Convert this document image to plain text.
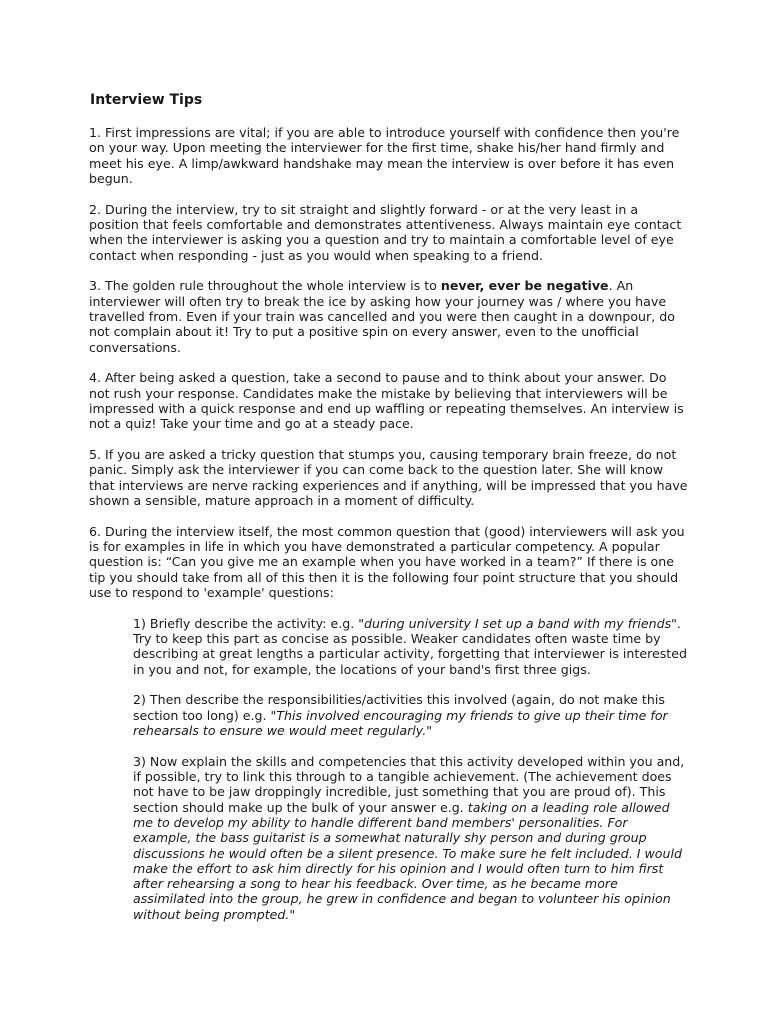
Interview Tips

1. First impressions are vital; if you are able to introduce yourself with confidence then you're on your way. Upon meeting the interviewer for the first time, shake his/her hand firmly and meet his eye. A limp/awkward handshake may mean the interview is over before it has even begun.

2. During the interview, try to sit straight and slightly forward - or at the very least in a position that feels comfortable and demonstrates attentiveness. Always maintain eye contact when the interviewer is asking you a question and try to maintain a comfortable level of eye contact when responding - just as you would when speaking to a friend.

3. The golden rule throughout the whole interview is to never, ever be negative. An interviewer will often try to break the ice by asking how your journey was / where you have travelled from. Even if your train was cancelled and you were then caught in a downpour, do not complain about it! Try to put a positive spin on every answer, even to the unofficial conversations.

4. After being asked a question, take a second to pause and to think about your answer. Do not rush your response. Candidates make the mistake by believing that interviewers will be impressed with a quick response and end up waffling or repeating themselves. An interview is not a quiz! Take your time and go at a steady pace.

5. If you are asked a tricky question that stumps you, causing temporary brain freeze, do not panic. Simply ask the interviewer if you can come back to the question later. She will know that interviews are nerve racking experiences and if anything, will be impressed that you have shown a sensible, mature approach in a moment of difficulty.

6. During the interview itself, the most common question that (good) interviewers will ask you is for examples in life in which you have demonstrated a particular competency. A popular question is: “Can you give me an example when you have worked in a team?” If there is one tip you should take from all of this then it is the following four point structure that you should use to respond to 'example' questions:

1) Briefly describe the activity: e.g. "during university I set up a band with my friends". Try to keep this part as concise as possible. Weaker candidates often waste time by describing at great lengths a particular activity, forgetting that interviewer is interested in you and not, for example, the locations of your band's first three gigs.

2) Then describe the responsibilities/activities this involved (again, do not make this section too long) e.g. "This involved encouraging my friends to give up their time for rehearsals to ensure we would meet regularly."

3) Now explain the skills and competencies that this activity developed within you and, if possible, try to link this through to a tangible achievement. (The achievement does not have to be jaw droppingly incredible, just something that you are proud of). This section should make up the bulk of your answer e.g. taking on a leading role allowed me to develop my ability to handle different band members' personalities. For example, the bass guitarist is a somewhat naturally shy person and during group discussions he would often be a silent presence. To make sure he felt included. I would make the effort to ask him directly for his opinion and I would often turn to him first after rehearsing a song to hear his feedback. Over time, as he became more assimilated into the group, he grew in confidence and began to volunteer his opinion without being prompted."
